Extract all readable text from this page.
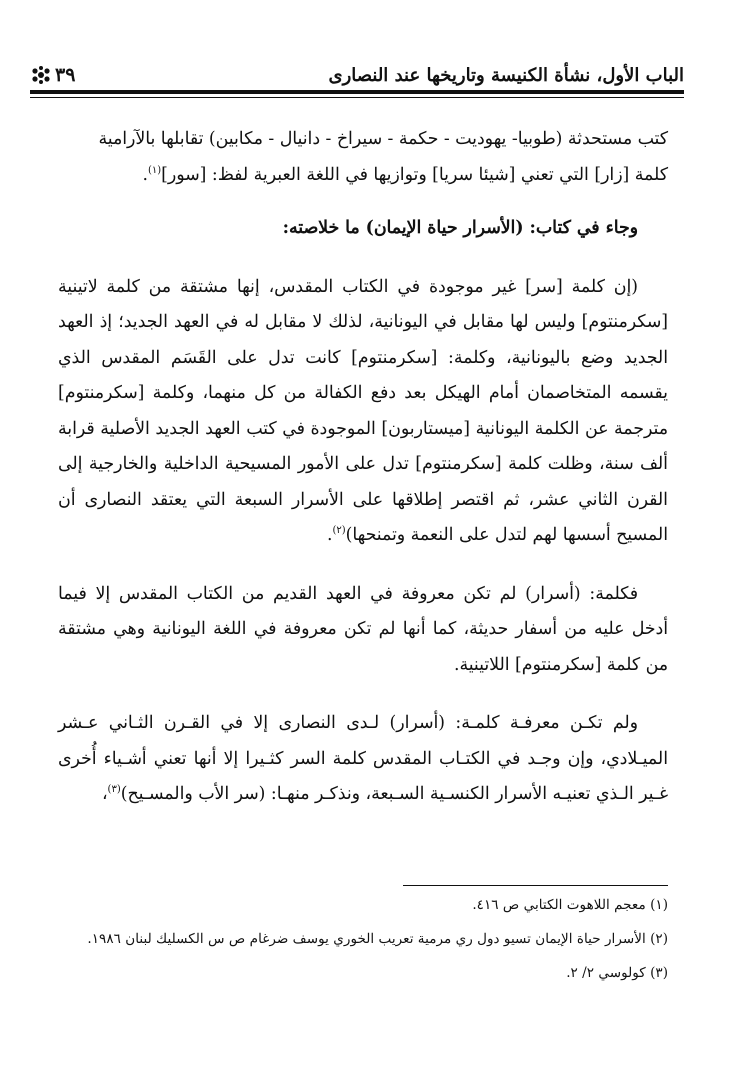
الباب الأول، نشأة الكنيسة وتاريخها عند النصارى
٣٩

كتب مستحدثة (طوبيا- يهوديت - حكمة - سيراخ - دانيال - مكابين) تقابلها بالآرامية
كلمة [زار] التي تعني [شيئا سريا] وتوازيها في اللغة العبرية لفظ: [سور]$^{(١)}$.

وجاء في كتاب: (الأسرار حياة الإيمان) ما خلاصته:

(إن كلمة [سر] غير موجودة في الكتاب المقدس، إنها مشتقة من كلمة لاتينية [سكرمنتوم] وليس لها مقابل في اليونانية، لذلك لا مقابل له في العهد الجديد؛ إذ العهد الجديد وضع باليونانية، وكلمة: [سكرمنتوم] كانت تدل على القَسَم المقدس الذي يقسمه المتخاصمان أمام الهيكل بعد دفع الكفالة من كل منهما، وكلمة [سكرمنتوم] مترجمة عن الكلمة اليونانية [ميستاربون] الموجودة في كتب العهد الجديد الأصلية قرابة ألف سنة، وظلت كلمة [سكرمنتوم] تدل على الأمور المسيحية الداخلية والخارجية إلى القرن الثاني عشر، ثم اقتصر إطلاقها على الأسرار السبعة التي يعتقد النصارى أن المسيح أسسها لهم لتدل على النعمة وتمنحها)$^{(٢)}$.

فكلمة: (أسرار) لم تكن معروفة في العهد القديم من الكتاب المقدس إلا فيما أدخل عليه من أسفار حديثة، كما أنها لم تكن معروفة في اللغة اليونانية وهي مشتقة من كلمة [سكرمنتوم] اللاتينية.

ولم تكـن معرفـة كلمـة: (أسرار) لـدى النصارى إلا في القـرن الثـاني عـشر الميـلادي، وإن وجـد في الكتـاب المقدس كلمة السر كثـيرا إلا أنها تعني أشـياء أُخرى غـير الـذي تعنيـه الأسرار الكنسـية السـبعة، ونذكـر منهـا: (سر الأب والمسـيح)$^{(٣)}$،

(١) معجم اللاهوت الكتابي ص ٤١٦.

(٢) الأسرار حياة الإيمان تسيو دول ري مرمية تعريب الخوري يوسف ضرغام ص س الكسليك لبنان ١٩٨٦.

(٣) كولوسي ٢/ ٢.
